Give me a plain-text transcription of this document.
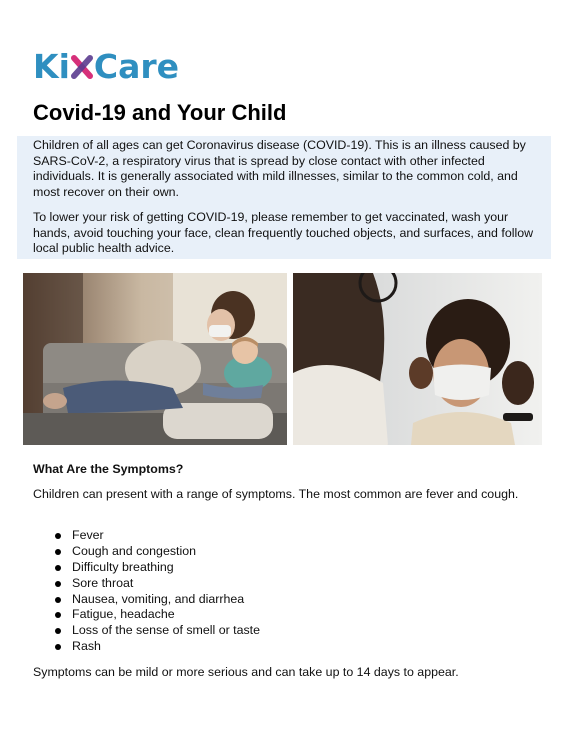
Ki Care
Covid-19 and Your Child

Children of all ages can get Coronavirus disease (COVID-19). This is an illness caused by SARS-CoV-2, a respiratory virus that is spread by close contact with other infected individuals. It is generally associated with mild illnesses, similar to the common cold, and most recover on their own.

To lower your risk of getting COVID-19, please remember to get vaccinated, wash your hands, avoid touching your face, clean frequently touched objects, and surfaces, and follow local public health advice.

What Are the Symptoms?

Children can present with a range of symptoms. The most common are fever and cough.

Fever
Cough and congestion
Difficulty breathing
Sore throat
Nausea, vomiting, and diarrhea
Fatigue, headache
Loss of the sense of smell or taste
Rash

Symptoms can be mild or more serious and can take up to 14 days to appear.
